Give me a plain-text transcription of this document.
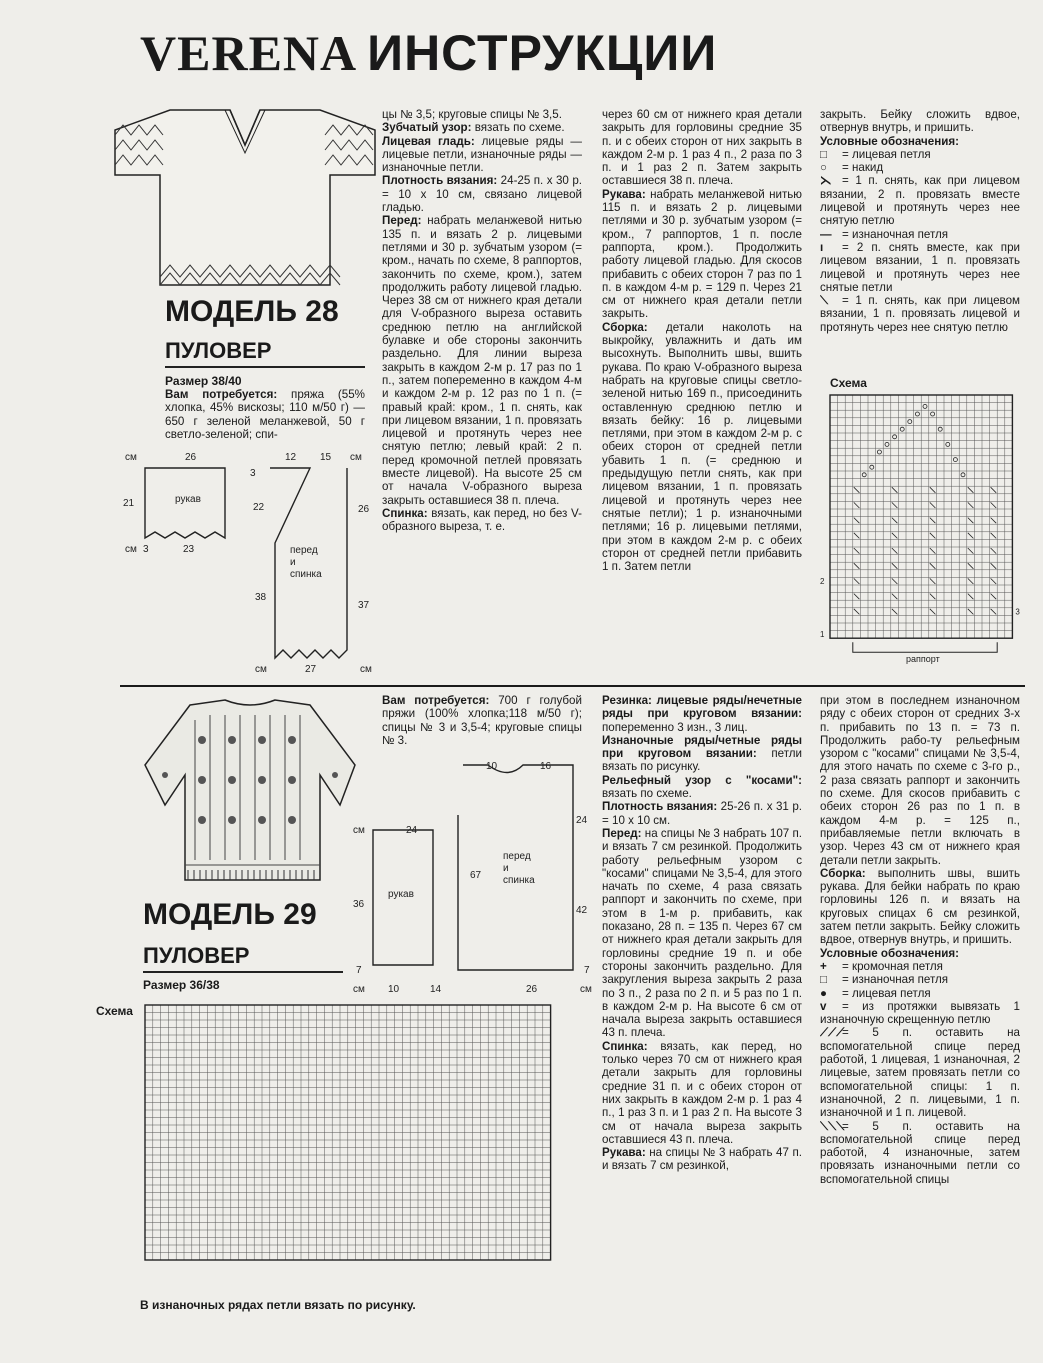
VERENA ИНСТРУКЦИИ
МОДЕЛЬ 28
ПУЛОВЕР
Размер 38/40
Вам потребуется: пряжа (55% хлопка, 45% вискозы; 110 м/50 г) — 650 г зеленой меланжевой, 50 г светло-зеленой; спи-
см	26	12 15 см
21
3
22	26
см 3	23
38
37
см	27	см
рукав
перед
и
спинка

цы № 3,5; круговые спицы № 3,5.

Зубчатый узор: вязать по схеме.

Лицевая гладь: лицевые ряды — лицевые петли, изнаночные ряды — изнаночные петли.

Плотность вязания: 24-25 п. х 30 р. = 10 х 10 см, связано лицевой гладью.

Перед: набрать меланжевой нитью 135 п. и вязать 2 р. лицевыми петлями и 30 р. зубчатым узором (= кром., начать по схеме, 8 раппортов, закончить по схеме, кром.), затем продолжить работу лицевой гладью. Через 38 см от нижнего края детали для V-образного выреза оставить среднюю петлю на английской булавке и обе стороны закончить раздельно. Для линии выреза закрыть в каждом 2-м р. 17 раз по 1 п., затем попеременно в каждом 4-м и каждом 2-м р. 12 раз по 1 п. (= правый край: кром., 1 п. снять, как при лицевом вязании, 1 п. провязать лицевой и протянуть через нее снятую петлю; левый край: 2 п. перед кромочной петлей провязать вместе лицевой). На высоте 25 см от начала V-образного выреза закрыть оставшиеся 38 п. плеча.

Спинка: вязать, как перед, но без V-образного выреза, т. е.

через 60 см от нижнего края детали закрыть для горловины средние 35 п. и с обеих сторон от них закрыть в каждом 2-м р. 1 раз 4 п., 2 раза по 3 п. и 1 раз 2 п. Затем закрыть оставшиеся 38 п. плеча.

Рукава: набрать меланжевой нитью 115 п. и вязать 2 р. лицевыми петлями и 30 р. зубчатым узором (= кром., 7 раппортов, 1 п. после раппорта, кром.). Продолжить работу лицевой гладью. Для скосов прибавить с обеих сторон 7 раз по 1 п. в каждом 4-м р. = 129 п. Через 21 см от нижнего края детали петли закрыть.

Сборка: детали наколоть на выкройку, увлажнить и дать им высохнуть. Выполнить швы, вшить рукава. По краю V-образного выреза набрать на круговые спицы светло-зеленой нитью 169 п., присоединить оставленную среднюю петлю и вязать бейку: 16 р. лицевыми петлями, при этом в каждом 2-м р. с обеих сторон от средней петли убавить 1 п. (= среднюю и предыдущую петли снять, как при лицевом вязании, 1 п. провязать лицевой и протянуть через нее снятые петли); 1 р. изнаночными петлями; 16 р. лицевыми петлями, при этом в каждом 2-м р. с обеих сторон от средней петли прибавить 1 п. Затем петли

закрыть. Бейку сложить вдвое, отвернув внутрь, и пришить.

Условные обозначения:

□ = лицевая петля

○ = накид

⋋ = 1 п. снять, как при лицевом вязании, 2 п. провязать вместе лицевой и протянуть через нее снятую петлю

— = изнаночная петля

ı = 2 п. снять вместе, как при лицевом вязании, 1 п. провязать лицевой и протянуть через нее снятые петли

⟍ = 1 п. снять, как при лицевом вязании, 1 п. провязать лицевой и протянуть через нее снятую петлю

Схема
1
2
3
раппорт
МОДЕЛЬ 29
ПУЛОВЕР
Размер 36/38

Вам потребуется: 700 г голубой пряжи (100% хлопка;118 м/50 г); спицы № 3 и 3,5-4; круговые спицы № 3.

10	16
24
см	24
67
36
42
7	7
см 10	14	26	см
рукав
перед
и
спинка

Резинка: лицевые ряды/нечетные ряды при круговом вязании: попеременно 3 изн., 3 лиц.

Изнаночные ряды/четные ряды при круговом вязании: петли вязать по рисунку.

Рельефный узор с "косами": вязать по схеме.

Плотность вязания: 25-26 п. х 31 р. = 10 х 10 см.

Перед: на спицы № 3 набрать 107 п. и вязать 7 см резинкой. Продолжить работу рельефным узором с "косами" спицами № 3,5-4, для этого начать по схеме, 4 раза связать раппорт и закончить по схеме, при этом в 1-м р. прибавить, как показано, 28 п. = 135 п. Через 67 см от нижнего края детали закрыть для горловины средние 19 п. и обе стороны закончить раздельно. Для закругления выреза закрыть 2 раза по 3 п., 2 раза по 2 п. и 5 раз по 1 п. в каждом 2-м р. На высоте 6 см от начала выреза закрыть оставшиеся 43 п. плеча.

Спинка: вязать, как перед, но только через 70 см от нижнего края детали закрыть для горловины средние 31 п. и с обеих сторон от них закрыть в каждом 2-м р. 1 раз 4 п., 1 раз 3 п. и 1 раз 2 п. На высоте 3 см от начала выреза закрыть оставшиеся 43 п. плеча.

Рукава: на спицы № 3 набрать 47 п. и вязать 7 см резинкой,

при этом в последнем изнаночном ряду с обеих сторон от средних 3-х п. прибавить по 13 п. = 73 п. Продолжить рабо-ту рельефным узором с "косами" спицами № 3,5-4, для этого начать по схеме с 3-го р., 2 раза связать раппорт и закончить по схеме. Для скосов прибавить с обеих сторон 26 раз по 1 п. в каждом 4-м р. = 125 п., прибавляемые петли включать в узор. Через 43 см от нижнего края детали петли закрыть.

Сборка: выполнить швы, вшить рукава. Для бейки набрать по краю горловины 126 п. и вязать на круговых спицах 6 см резинкой, затем петли закрыть. Бейку сложить вдвое, отвернув внутрь, и пришить.

Условные обозначения:

+ = кромочная петля

□ = изнаночная петля

● = лицевая петля

v = из протяжки вывязать 1 изнаночную скрещенную петлю

⟋⟋⟋= 5 п. оставить на вспомогательной спице перед работой, 1 лицевая, 1 изнаночная, 2 лицевые, затем провязать петли со вспомогательной спицы: 1 п. изнаночной, 2 п. лицевыми, 1 п. изнаночной и 1 п. лицевой.

⟍⟍⟍= 5 п. оставить на вспомогательной спице перед работой, 4 изнаночные, затем провязать изнаночными петли со вспомогательной спицы

Схема
В изнаночных рядах петли вязать по рисунку.
